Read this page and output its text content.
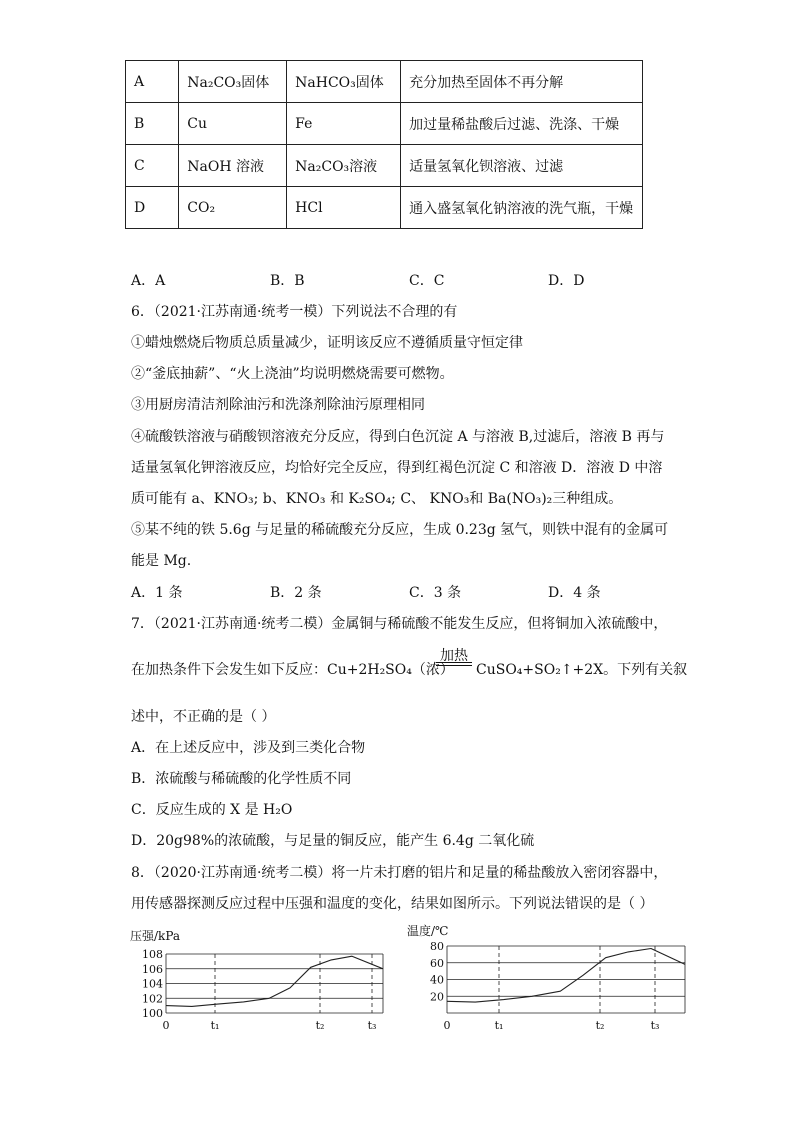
A	Na₂CO₃固体	NaHCO₃固体	充分加热至固体不再分解
B	Cu	Fe	加过量稀盐酸后过滤、洗涤、干燥
C	NaOH 溶液	Na₂CO₃溶液	适量氢氧化钡溶液、过滤
D	CO₂	HCl	通入盛氢氧化钠溶液的洗气瓶，干燥
A．A	B．B	C．C	D．D
6．（2021·江苏南通·统考一模）下列说法不合理的有
①蜡烛燃烧后物质总质量减少，证明该反应不遵循质量守恒定律
②“釜底抽薪”、“火上浇油”均说明燃烧需要可燃物。
③用厨房清洁剂除油污和洗涤剂除油污原理相同
④硫酸铁溶液与硝酸钡溶液充分反应，得到白色沉淀 A 与溶液 B,过滤后，溶液 B 再与
适量氢氧化钾溶液反应，均恰好完全反应，得到红褐色沉淀 C 和溶液 D．溶液 D 中溶
质可能有 a、KNO₃; b、KNO₃ 和 K₂SO₄; C、 KNO₃和 Ba(NO₃)₂三种组成。
⑤某不纯的铁 5.6g 与足量的稀硫酸充分反应，生成 0.23g 氢气，则铁中混有的金属可
能是 Mg.
A．1 条	B．2 条	C．3 条	D．4 条
7．（2021·江苏南通·统考二模）金属铜与稀硫酸不能发生反应，但将铜加入浓硫酸中，
在加热条件下会发生如下反应：Cu+2H₂SO₄（浓）
加热
CuSO₄+SO₂↑+2X。下列有关叙
述中，不正确的是（ ）
A．在上述反应中，涉及到三类化合物
B．浓硫酸与稀硫酸的化学性质不同
C．反应生成的 X 是 H₂O
D．20g98%的浓硫酸，与足量的铜反应，能产生 6.4g 二氧化硫
8．（2020·江苏南通·统考二模）将一片未打磨的铝片和足量的稀盐酸放入密闭容器中，
用传感器探测反应过程中压强和温度的变化，结果如图所示。下列说法错误的是（ ）
压强/kPa
108
106
104
102
100
0	t₁	t₂	t₃
温度/℃
80
60
40
20
0	t₁	t₂	t₃
